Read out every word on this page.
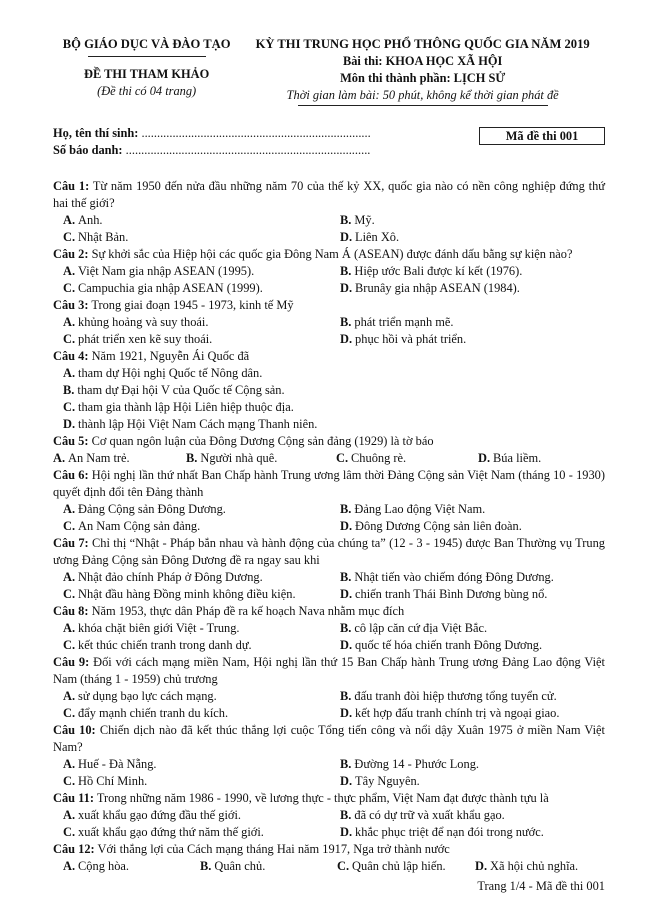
BỘ GIÁO DỤC VÀ ĐÀO TẠO
ĐỀ THI THAM KHẢO
(Đề thi có 04 trang)
KỲ THI TRUNG HỌC PHỔ THÔNG QUỐC GIA NĂM 2019
Bài thi: KHOA HỌC XÃ HỘI
Môn thi thành phần: LỊCH SỬ
Thời gian làm bài: 50 phút, không kể thời gian phát đề
Họ, tên thí sinh: ..........................................................................
Số báo danh: ...............................................................................
Mã đề thi 001
Câu 1: Từ năm 1950 đến nửa đầu những năm 70 của thế kỷ XX, quốc gia nào có nền công nghiệp đứng thứ hai thế giới?
A. Anh.	B. Mỹ.
C. Nhật Bản.	D. Liên Xô.
Câu 2: Sự khởi sắc của Hiệp hội các quốc gia Đông Nam Á (ASEAN) được đánh dấu bằng sự kiện nào?
A. Việt Nam gia nhập ASEAN (1995).	B. Hiệp ước Bali được kí kết (1976).
C. Campuchia gia nhập ASEAN (1999).	D. Brunây gia nhập ASEAN (1984).
Câu 3: Trong giai đoạn 1945 - 1973, kinh tế Mỹ
A. khủng hoảng và suy thoái.	B. phát triển mạnh mẽ.
C. phát triển xen kẽ suy thoái.	D. phục hồi và phát triển.
Câu 4: Năm 1921, Nguyễn Ái Quốc đã
A. tham dự Hội nghị Quốc tế Nông dân.
B. tham dự Đại hội V của Quốc tế Cộng sản.
C. tham gia thành lập Hội Liên hiệp thuộc địa.
D. thành lập Hội Việt Nam Cách mạng Thanh niên.
Câu 5: Cơ quan ngôn luận của Đông Dương Cộng sản đảng (1929) là tờ báo
A. An Nam trẻ.	B. Người nhà quê.	C. Chuông rè.	D. Búa liềm.
Câu 6: Hội nghị lần thứ nhất Ban Chấp hành Trung ương lâm thời Đảng Cộng sản Việt Nam (tháng 10 - 1930) quyết định đổi tên Đảng thành
A. Đảng Cộng sản Đông Dương.	B. Đảng Lao động Việt Nam.
C. An Nam Cộng sản đảng.	D. Đông Dương Cộng sản liên đoàn.
Câu 7: Chỉ thị “Nhật - Pháp bắn nhau và hành động của chúng ta” (12 - 3 - 1945) được Ban Thường vụ Trung ương Đảng Cộng sản Đông Dương đề ra ngay sau khi
A. Nhật đảo chính Pháp ở Đông Dương.	B. Nhật tiến vào chiếm đóng Đông Dương.
C. Nhật đầu hàng Đồng minh không điều kiện.	D. chiến tranh Thái Bình Dương bùng nổ.
Câu 8: Năm 1953, thực dân Pháp đề ra kế hoạch Nava nhằm mục đích
A. khóa chặt biên giới Việt - Trung.	B. cô lập căn cứ địa Việt Bắc.
C. kết thúc chiến tranh trong danh dự.	D. quốc tế hóa chiến tranh Đông Dương.
Câu 9: Đối với cách mạng miền Nam, Hội nghị lần thứ 15 Ban Chấp hành Trung ương Đảng Lao động Việt Nam (tháng 1 - 1959) chủ trương
A. sử dụng bạo lực cách mạng.	B. đấu tranh đòi hiệp thương tổng tuyển cử.
C. đẩy mạnh chiến tranh du kích.	D. kết hợp đấu tranh chính trị và ngoại giao.
Câu 10: Chiến dịch nào đã kết thúc thắng lợi cuộc Tổng tiến công và nổi dậy Xuân 1975 ở miền Nam Việt Nam?
A. Huế - Đà Nẵng.	B. Đường 14 - Phước Long.
C. Hồ Chí Minh.	D. Tây Nguyên.
Câu 11: Trong những năm 1986 - 1990, về lương thực - thực phẩm, Việt Nam đạt được thành tựu là
A. xuất khẩu gạo đứng đầu thế giới.	B. đã có dự trữ và xuất khẩu gạo.
C. xuất khẩu gạo đứng thứ năm thế giới.	D. khắc phục triệt để nạn đói trong nước.
Câu 12: Với thắng lợi của Cách mạng tháng Hai năm 1917, Nga trở thành nước
A. Cộng hòa.	B. Quân chủ.	C. Quân chủ lập hiến.	D. Xã hội chủ nghĩa.
Trang 1/4 - Mã đề thi 001
